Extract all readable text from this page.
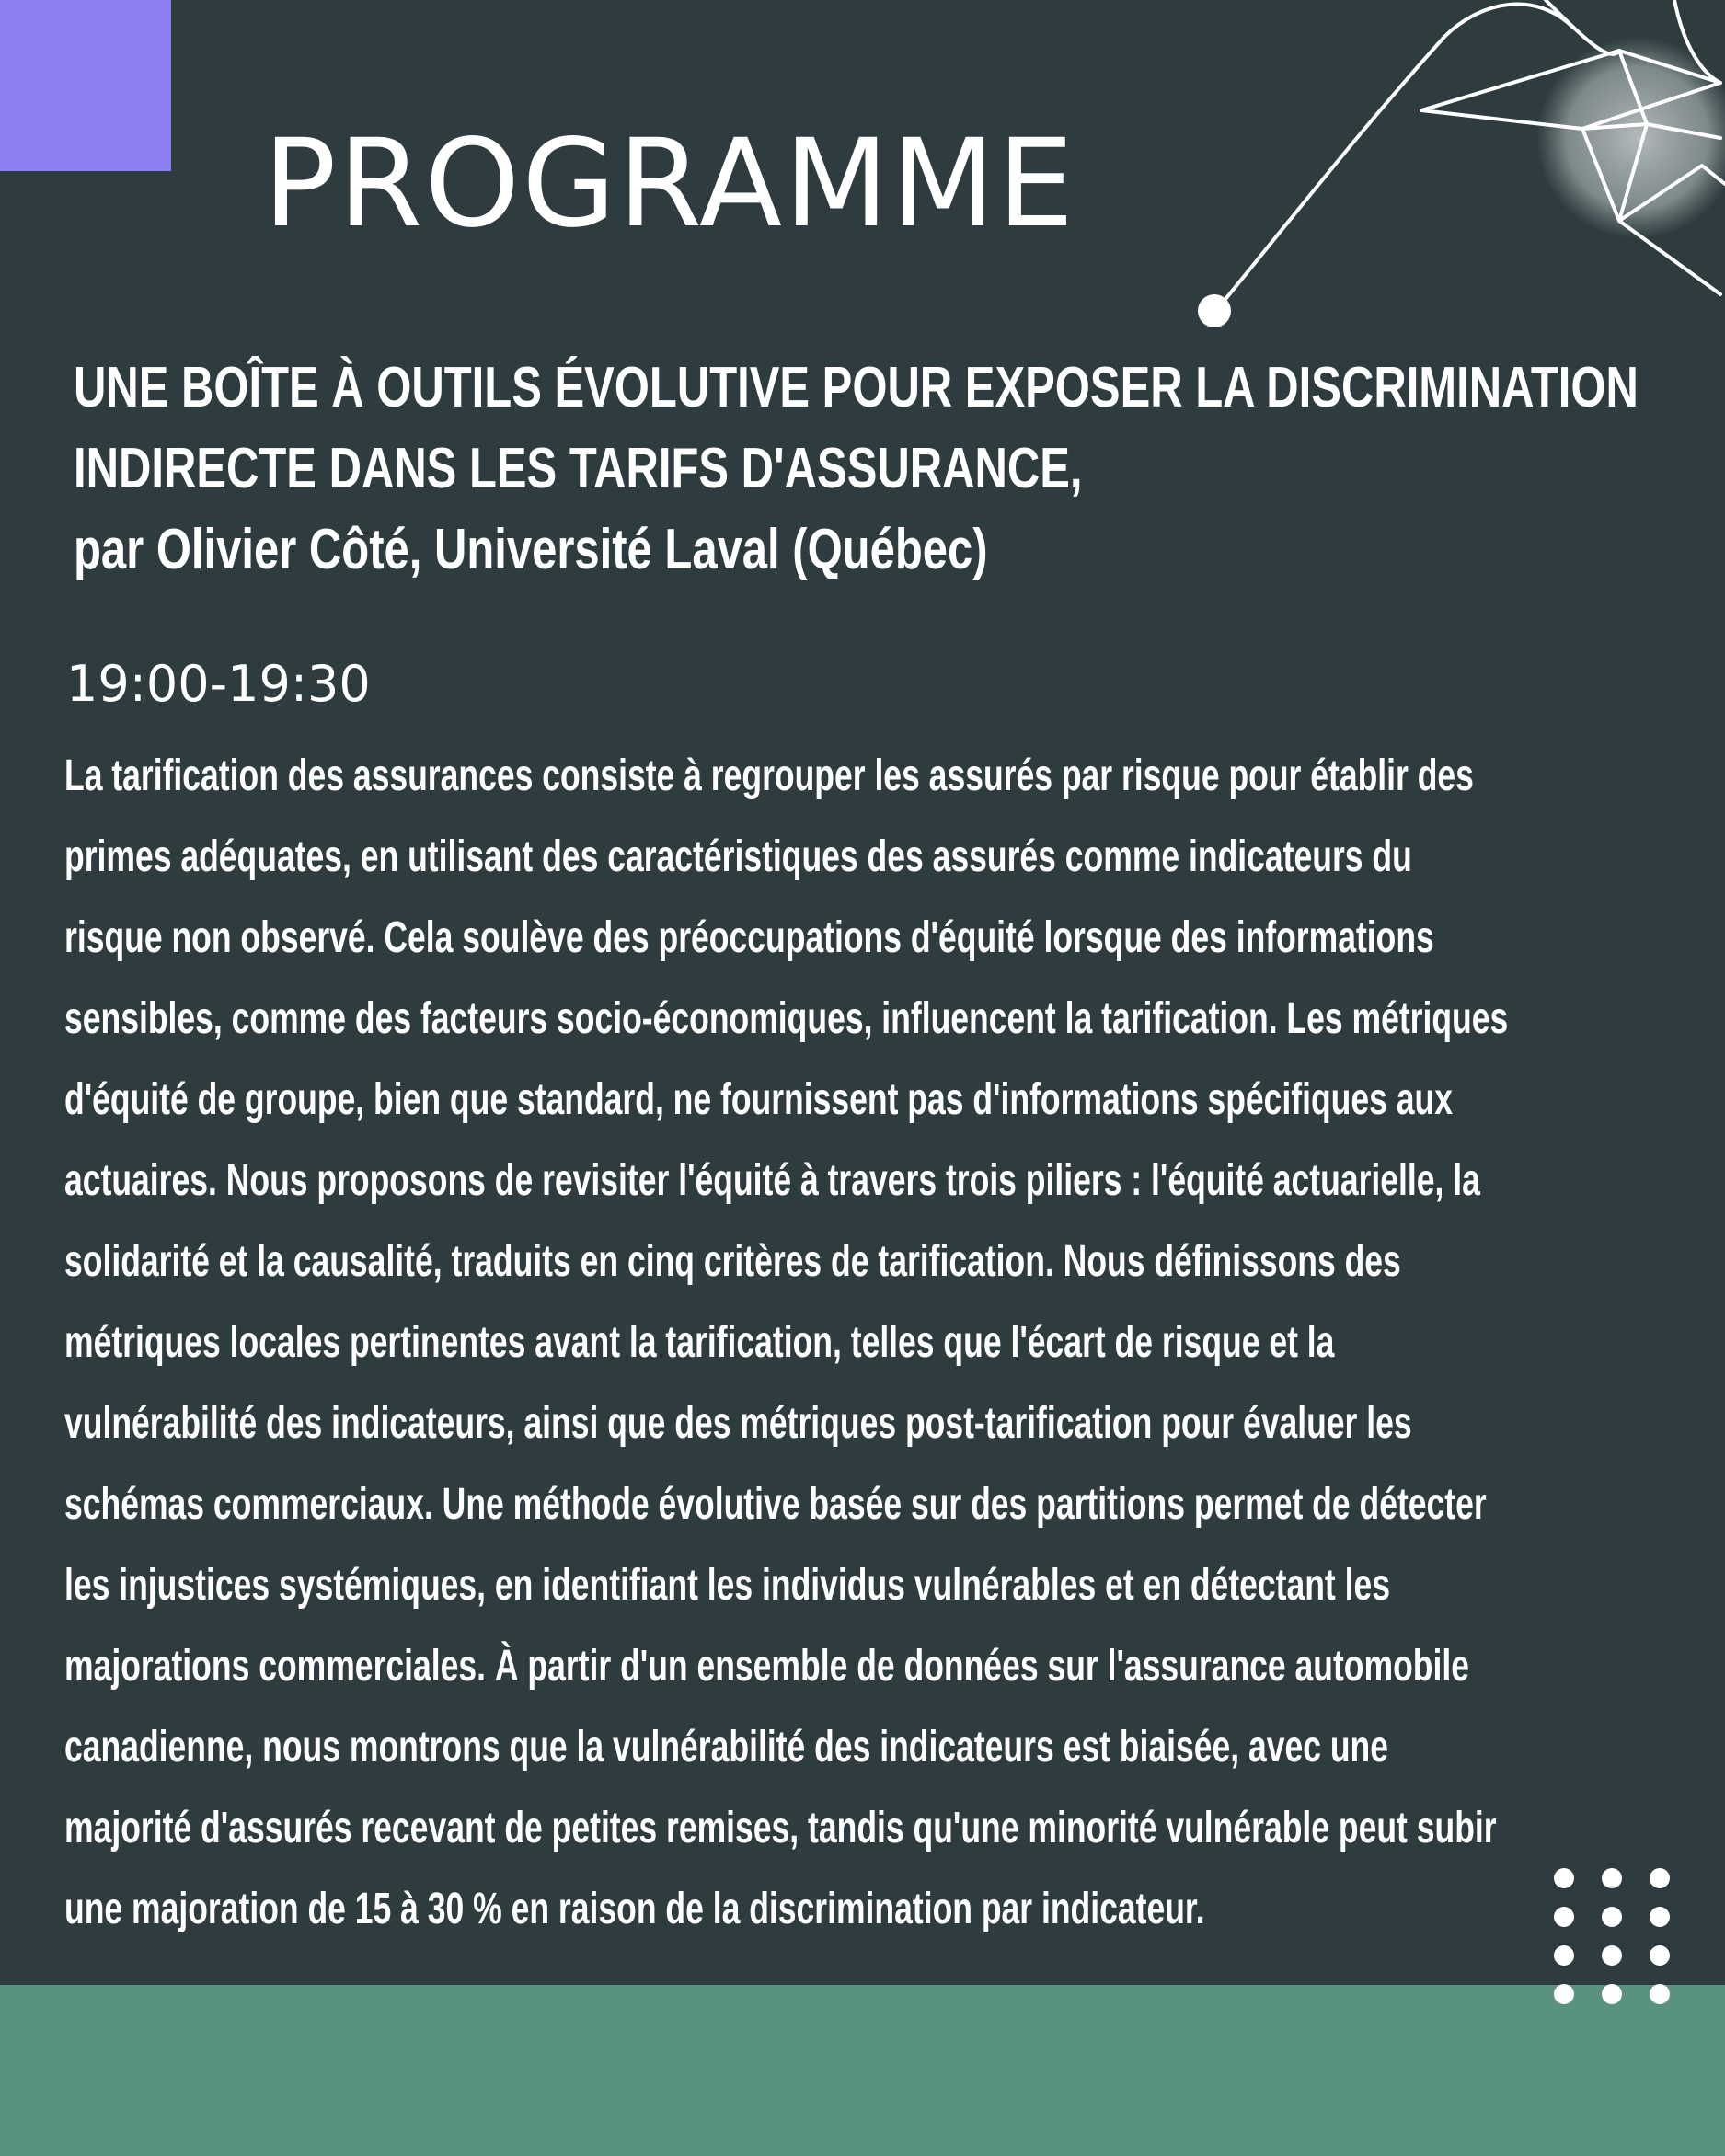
PROGRAMME
UNE BOÎTE À OUTILS ÉVOLUTIVE POUR EXPOSER LA DISCRIMINATION
INDIRECTE DANS LES TARIFS D'ASSURANCE,
par Olivier Côté, Université Laval (Québec)
19:00-19:30
La tarification des assurances consiste à regrouper les assurés par risque pour établir des
primes adéquates, en utilisant des caractéristiques des assurés comme indicateurs du
risque non observé. Cela soulève des préoccupations d'équité lorsque des informations
sensibles, comme des facteurs socio-économiques, influencent la tarification. Les métriques
d'équité de groupe, bien que standard, ne fournissent pas d'informations spécifiques aux
actuaires. Nous proposons de revisiter l'équité à travers trois piliers : l'équité actuarielle, la
solidarité et la causalité, traduits en cinq critères de tarification. Nous définissons des
métriques locales pertinentes avant la tarification, telles que l'écart de risque et la
vulnérabilité des indicateurs, ainsi que des métriques post-tarification pour évaluer les
schémas commerciaux. Une méthode évolutive basée sur des partitions permet de détecter
les injustices systémiques, en identifiant les individus vulnérables et en détectant les
majorations commerciales. À partir d'un ensemble de données sur l'assurance automobile
canadienne, nous montrons que la vulnérabilité des indicateurs est biaisée, avec une
majorité d'assurés recevant de petites remises, tandis qu'une minorité vulnérable peut subir
une majoration de 15 à 30 % en raison de la discrimination par indicateur.
